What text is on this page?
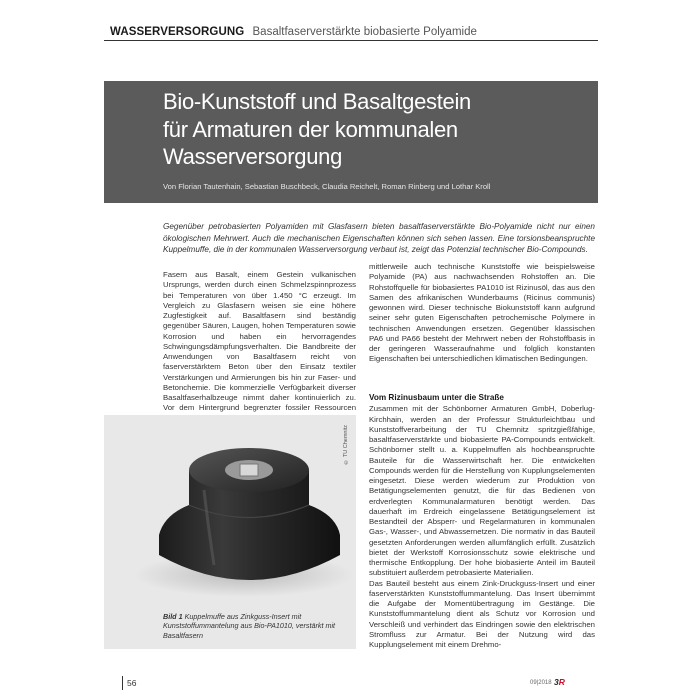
WASSERVERSORGUNG Basaltfaserverstärkte biobasierte Polyamide
Bio-Kunststoff und Basaltgestein
für Armaturen der kommunalen
Wasserversorgung
Von Florian Tautenhain, Sebastian Buschbeck, Claudia Reichelt, Roman Rinberg und Lothar Kroll
Gegenüber petrobasierten Polyamiden mit Glasfasern bieten basaltfaserverstärkte Bio-Polyamide nicht nur einen ökologischen Mehrwert. Auch die mechanischen Eigenschaften können sich sehen lassen. Eine torsionsbeanspruchte Kuppelmuffe, die in der kommunalen Wasserversorgung verbaut ist, zeigt das Potenzial technischer Bio-Compounds.

Fasern aus Basalt, einem Gestein vulkanischen Ursprungs, werden durch einen Schmelzspinnprozess bei Temperaturen von über 1.450 °C erzeugt. Im Vergleich zu Glasfasern weisen sie eine höhere Zugfestigkeit auf. Basaltfasern sind beständig gegenüber Säuren, Laugen, hohen Temperaturen sowie Korrosion und haben ein hervorragendes Schwingungsdämpfungsverhalten. Die Bandbreite der Anwendungen von Basaltfasern reicht von faserverstärktem Beton über den Einsatz textiler Verstärkungen und Armierungen bis hin zur Faser- und Betonchemie. Die kommerzielle Verfügbarkeit diverser Basaltfaserhalbzeuge nimmt daher kontinuierlich zu. Vor dem Hintergrund begrenzter fossiler Ressourcen

mittlerweile auch technische Kunststoffe wie beispielsweise Polyamide (PA) aus nachwachsenden Rohstoffen an. Die Rohstoffquelle für biobasiertes PA1010 ist Rizinusöl, das aus den Samen des afrikanischen Wunderbaums (Ricinus communis) gewonnen wird. Dieser technische Biokunststoff kann aufgrund seiner sehr guten Eigenschaften petrochemische Polymere in technischen Anwendungen ersetzen. Gegenüber klassischen PA6 und PA66 besteht der Mehrwert neben der Rohstoffbasis in der geringeren Wasseraufnahme und folglich konstanten Eigenschaften bei unterschiedlichen klimatischen Bedingungen.

Vom Rizinusbaum unter die Straße

Zusammen mit der Schönborner Armaturen GmbH, Doberlug-Kirchhain, werden an der Professur Strukturleichtbau und Kunststoffverarbeitung der TU Chemnitz spritzgießfähige, basaltfaserverstärkte und biobasierte PA-Compounds entwickelt. Schönborner stellt u. a. Kuppelmuffen als hochbeanspruchte Bauteile für die Wasserwirtschaft her. Die entwickelten Compounds werden für die Herstellung von Kupplungselementen eingesetzt. Diese werden wiederum zur Produktion von Betätigungselementen genutzt, die für das Bedienen von erdverlegten Kommunalarmaturen benötigt werden. Das dauerhaft im Erdreich eingelassene Betätigungselement ist Bestandteil der Absperr- und Regelarmaturen in kommunalen Gas-, Wasser-, und Abwassernetzen. Die normativ in das Bauteil gesetzten Anforderungen werden allumfänglich erfüllt. Zusätzlich bietet der Werkstoff Korrosionsschutz sowie elektrische und thermische Entkopplung. Der hohe biobasierte Anteil im Bauteil substituiert außerdem petrobasierte Materialien.

Das Bauteil besteht aus einem Zink-Druckguss-Insert und einer faserverstärkten Kunststoffummantelung. Das Insert übernimmt die Aufgabe der Momentübertragung im Gestänge. Die Kunststoffummantelung dient als Schutz vor Korrosion und Verschleiß und verhindert das Eindringen sowie den elektrischen Stromfluss zur Armatur. Bei der Nutzung wird das Kupplungselement mit einem Drehmo-

© TU Chemnitz
Bild 1 Kuppelmuffe aus Zinkguss-Insert mit Kunststoffummantelung aus Bio-PA1010, verstärkt mit Basaltfasern
56	09|2018 3R
